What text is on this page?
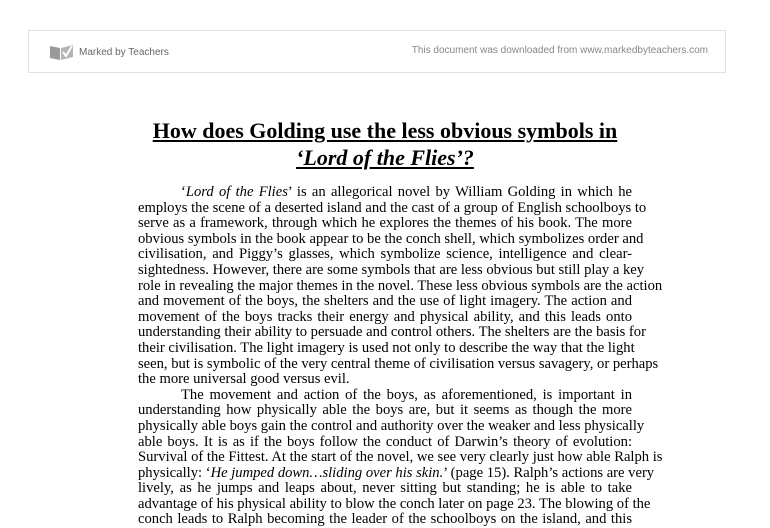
Marked by Teachers	This document was downloaded from www.markedbyteachers.com
How does Golding use the less obvious symbols in
‘Lord of the Flies’?
‘Lord of the Flies’ is an allegorical novel by William Golding in which he
employs the scene of a deserted island and the cast of a group of English schoolboys to
serve as a framework, through which he explores the themes of his book. The more
obvious symbols in the book appear to be the conch shell, which symbolizes order and
civilisation, and Piggy’s glasses, which symbolize science, intelligence and clear-
sightedness. However, there are some symbols that are less obvious but still play a key
role in revealing the major themes in the novel. These less obvious symbols are the action
and movement of the boys, the shelters and the use of light imagery. The action and
movement of the boys tracks their energy and physical ability, and this leads onto
understanding their ability to persuade and control others. The shelters are the basis for
their civilisation. The light imagery is used not only to describe the way that the light
seen, but is symbolic of the very central theme of civilisation versus savagery, or perhaps
the more universal good versus evil.
The movement and action of the boys, as aforementioned, is important in
understanding how physically able the boys are, but it seems as though the more
physically able boys gain the control and authority over the weaker and less physically
able boys. It is as if the boys follow the conduct of Darwin’s theory of evolution:
Survival of the Fittest. At the start of the novel, we see very clearly just how able Ralph is
physically: ‘He jumped down…sliding over his skin.’ (page 15). Ralph’s actions are very
lively, as he jumps and leaps about, never sitting but standing; he is able to take
advantage of his physical ability to blow the conch later on page 23. The blowing of the
conch leads to Ralph becoming the leader of the schoolboys on the island, and this
